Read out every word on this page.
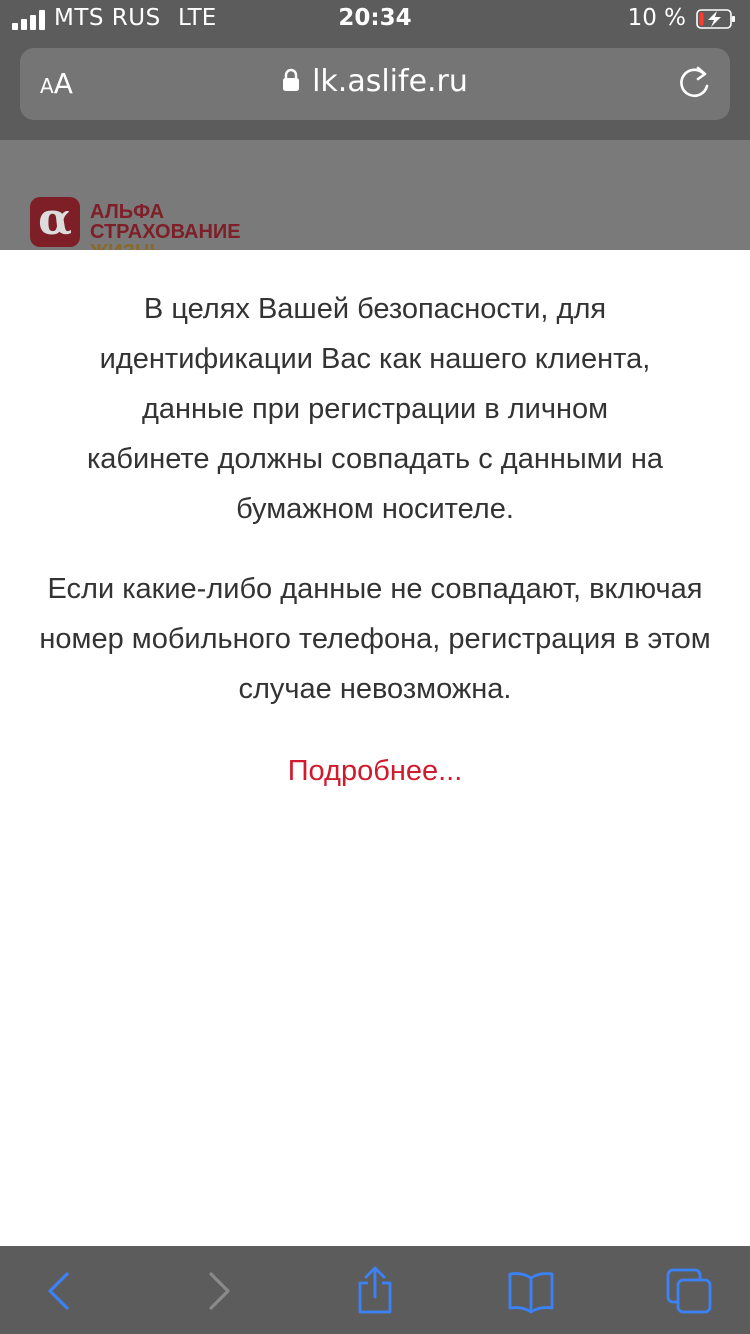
MTS RUS LTE	20:34	10 %
AA	lk.aslife.ru
α АЛЬФА
СТРАХОВАНИЕ
В целях Вашей безопасности, для идентификации Вас как нашего клиента, данные при регистрации в личном кабинете должны совпадать с данными на бумажном носителе.
Если какие-либо данные не совпадают, включая номер мобильного телефона, регистрация в этом случае невозможна.
Подробнее...
